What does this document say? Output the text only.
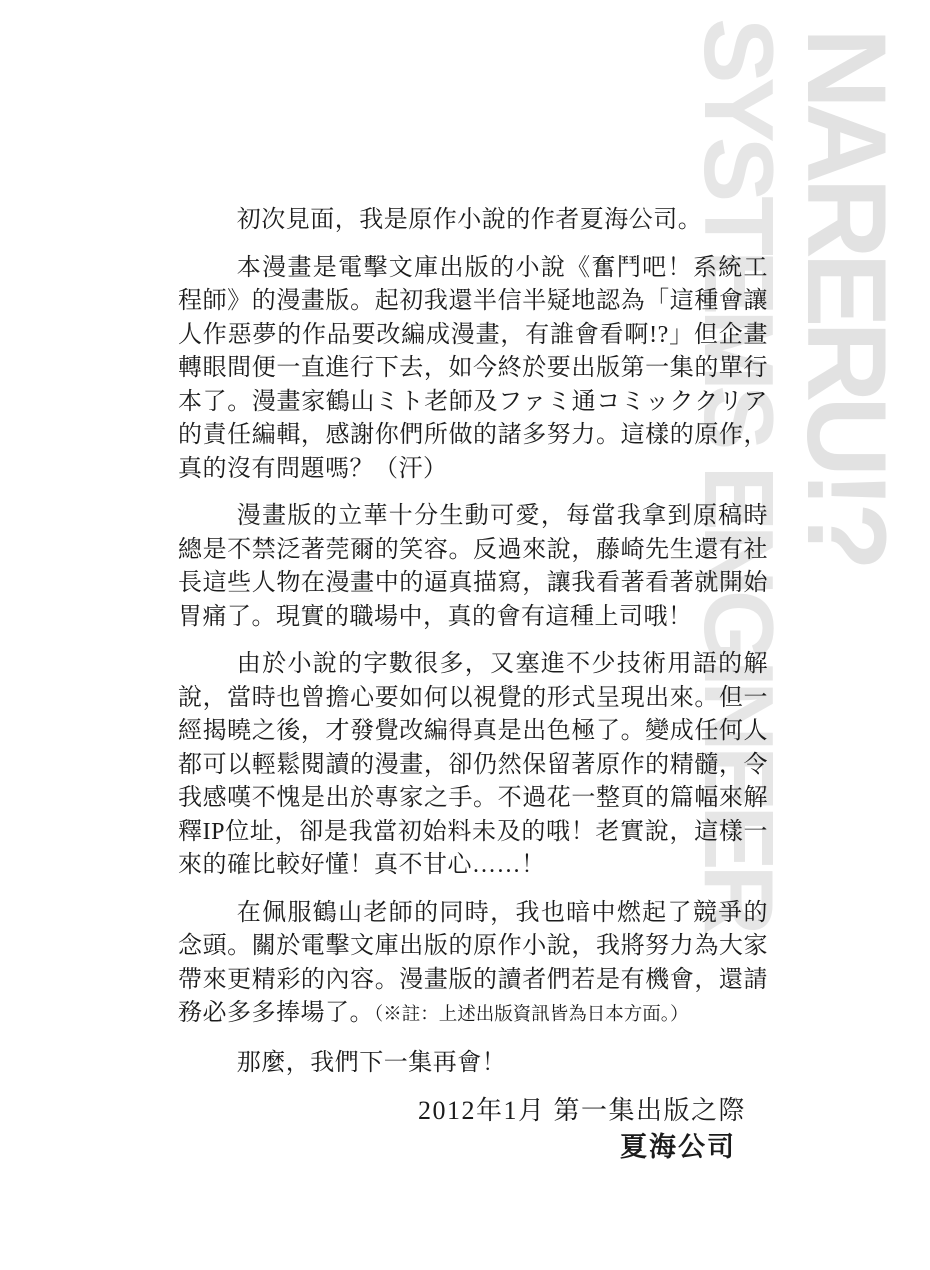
NARERU!?
SYSTEMS ENGINEER

初次見面，我是原作小說的作者夏海公司。

本漫畫是電擊文庫出版的小說《奮鬥吧！系統工程師》的漫畫版。起初我還半信半疑地認為「這種會讓人作惡夢的作品要改編成漫畫，有誰會看啊!?」但企畫轉眼間便一直進行下去，如今終於要出版第一集的單行本了。漫畫家鶴山ミト老師及ファミ通コミッククリア的責任編輯，感謝你們所做的諸多努力。這樣的原作，真的沒有問題嗎？（汗）

漫畫版的立華十分生動可愛，每當我拿到原稿時總是不禁泛著莞爾的笑容。反過來說，藤崎先生還有社長這些人物在漫畫中的逼真描寫，讓我看著看著就開始胃痛了。現實的職場中，真的會有這種上司哦！

由於小說的字數很多，又塞進不少技術用語的解說，當時也曾擔心要如何以視覺的形式呈現出來。但一經揭曉之後，才發覺改編得真是出色極了。變成任何人都可以輕鬆閱讀的漫畫，卻仍然保留著原作的精髓，令我感嘆不愧是出於專家之手。不過花一整頁的篇幅來解釋IP位址，卻是我當初始料未及的哦！老實說，這樣一來的確比較好懂！真不甘心……！

在佩服鶴山老師的同時，我也暗中燃起了競爭的念頭。關於電擊文庫出版的原作小說，我將努力為大家帶來更精彩的內容。漫畫版的讀者們若是有機會，還請務必多多捧場了。（※註：上述出版資訊皆為日本方面。）

那麼，我們下一集再會！

2012年1月 第一集出版之際
夏海公司
